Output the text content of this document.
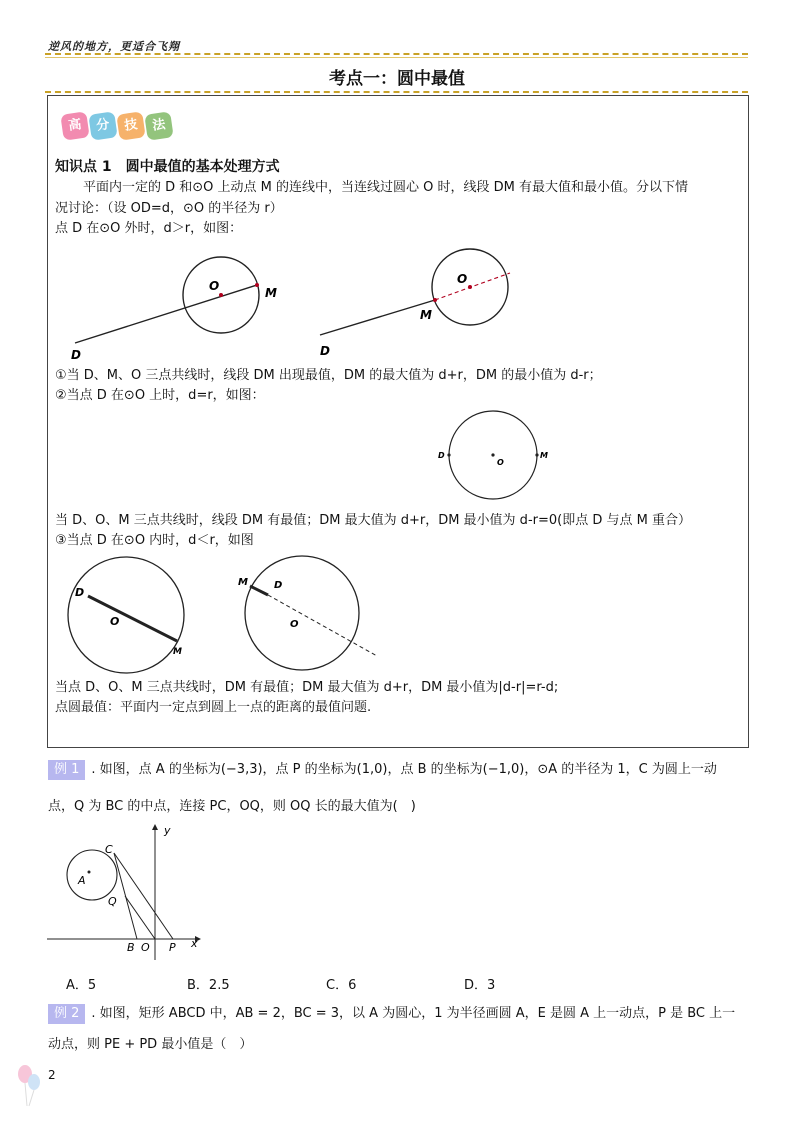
逆风的地方，更适合飞翔
考点一：圆中最值
高 分 技 法
知识点 1　圆中最值的基本处理方式
平面内一定的 D 和⊙O 上动点 M 的连线中，当连线过圆心 O 时，线段 DM 有最大值和最小值。分以下情
况讨论：（设 OD=d，⊙O 的半径为 r）
点 D 在⊙O 外时，d＞r，如图：
O	M
D
O
M
D
①当 D、M、O 三点共线时，线段 DM 出现最值，DM 的最大值为 d+r，DM 的最小值为 d-r；
②当点 D 在⊙O 上时，d=r，如图：
O
D	M
当 D、O、M 三点共线时，线段 DM 有最值；DM 最大值为 d+r，DM 最小值为 d-r=0(即点 D 与点 M 重合）
③当点 D 在⊙O 内时，d＜r，如图
D
O
M
M	D
O
当点 D、O、M 三点共线时，DM 有最值；DM 最大值为 d+r，DM 最小值为|d-r|=r-d;
点圆最值：平面内一定点到圆上一点的距离的最值问题.
例 1 . 如图，点 A 的坐标为(−3,3)，点 P 的坐标为(1,0)，点 B 的坐标为(−1,0)，⊙A 的半径为 1，C 为圆上一动
点，Q 为 BC 的中点，连接 PC，OQ，则 OQ 长的最大值为(　)
y
x
A
C
Q
B O P
A．5	B．2.5	C．6	D．3
例 2 . 如图，矩形 ABCD 中，AB = 2，BC = 3，以 A 为圆心，1 为半径画圆 A，E 是圆 A 上一动点，P 是 BC 上一
动点，则 PE + PD 最小值是（　）
2
